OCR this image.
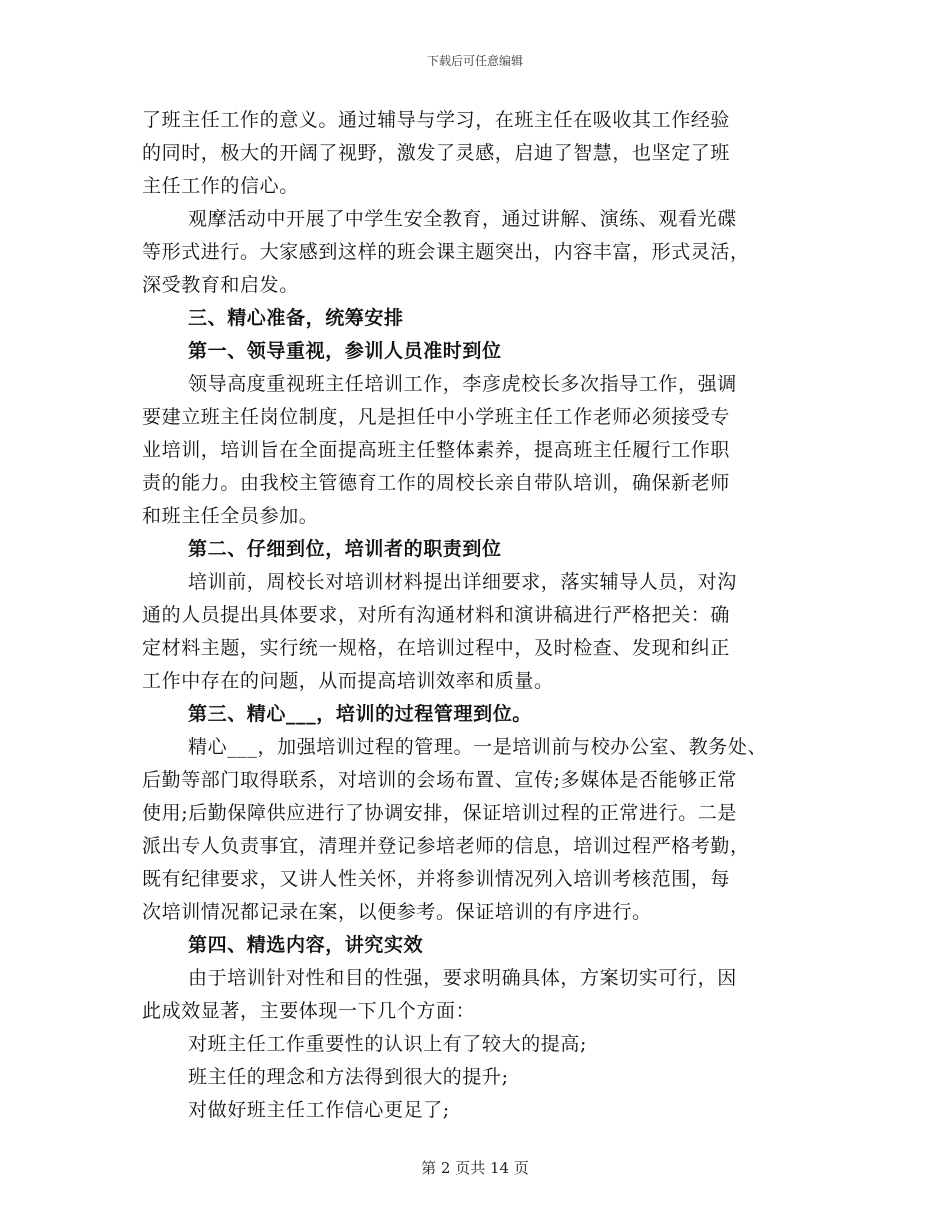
下载后可任意编辑
了班主任工作的意义。通过辅导与学习，在班主任在吸收其工作经验
的同时，极大的开阔了视野，激发了灵感，启迪了智慧，也坚定了班
主任工作的信心。
观摩活动中开展了中学生安全教育，通过讲解、演练、观看光碟
等形式进行。大家感到这样的班会课主题突出，内容丰富，形式灵活，
深受教育和启发。
三、精心准备，统筹安排
第一、领导重视，参训人员准时到位
领导高度重视班主任培训工作，李彦虎校长多次指导工作，强调
要建立班主任岗位制度，凡是担任中小学班主任工作老师必须接受专
业培训，培训旨在全面提高班主任整体素养，提高班主任履行工作职
责的能力。由我校主管德育工作的周校长亲自带队培训，确保新老师
和班主任全员参加。
第二、仔细到位，培训者的职责到位
培训前，周校长对培训材料提出详细要求，落实辅导人员，对沟
通的人员提出具体要求，对所有沟通材料和演讲稿进行严格把关：确
定材料主题，实行统一规格，在培训过程中，及时检查、发现和纠正
工作中存在的问题，从而提高培训效率和质量。
第三、精心___，培训的过程管理到位。
精心___，加强培训过程的管理。一是培训前与校办公室、教务处、
后勤等部门取得联系，对培训的会场布置、宣传;多媒体是否能够正常
使用;后勤保障供应进行了协调安排，保证培训过程的正常进行。二是
派出专人负责事宜，清理并登记参培老师的信息，培训过程严格考勤，
既有纪律要求，又讲人性关怀，并将参训情况列入培训考核范围，每
次培训情况都记录在案，以便参考。保证培训的有序进行。
第四、精选内容，讲究实效
由于培训针对性和目的性强，要求明确具体，方案切实可行，因
此成效显著，主要体现一下几个方面：
对班主任工作重要性的认识上有了较大的提高;
班主任的理念和方法得到很大的提升;
对做好班主任工作信心更足了;
第 2 页共 14 页
